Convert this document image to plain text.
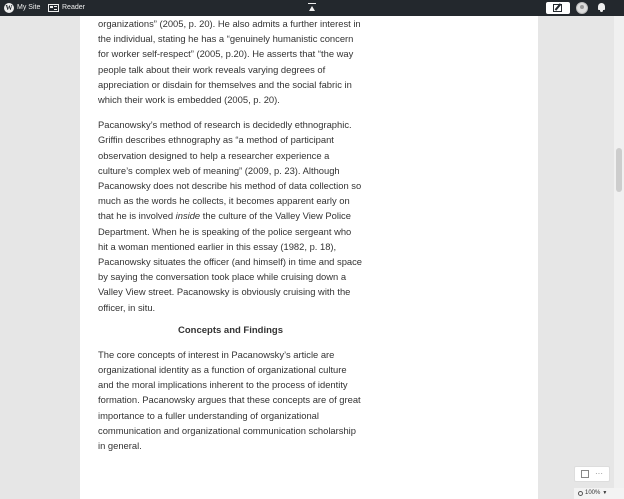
W My Site	Reader

organizations” (2005, p. 20). He also admits a further interest in the individual, stating he has a “genuinely humanistic concern for worker self-respect” (2005, p.20). He asserts that “the way people talk about their work reveals varying degrees of appreciation or disdain for themselves and the social fabric in which their work is embedded (2005, p. 20).

Pacanowsky’s method of research is decidedly ethnographic. Griffin describes ethnography as “a method of participant observation designed to help a researcher experience a culture’s complex web of meaning” (2009, p. 23). Although Pacanowsky does not describe his method of data collection so much as the words he collects, it becomes apparent early on that he is involved inside the culture of the Valley View Police Department. When he is speaking of the police sergeant who hit a woman mentioned earlier in this essay (1982, p. 18), Pacanowsky situates the officer (and himself) in time and space by saying the conversation took place while cruising down a Valley View street. Pacanowsky is obviously cruising with the officer, in situ.

Concepts and Findings

The core concepts of interest in Pacanowsky’s article are organizational identity as a function of organizational culture and the moral implications inherent to the process of identity formation. Pacanowsky argues that these concepts are of great importance to a fuller understanding of organizational communication and organizational communication scholarship in general.

···
100% ▼
